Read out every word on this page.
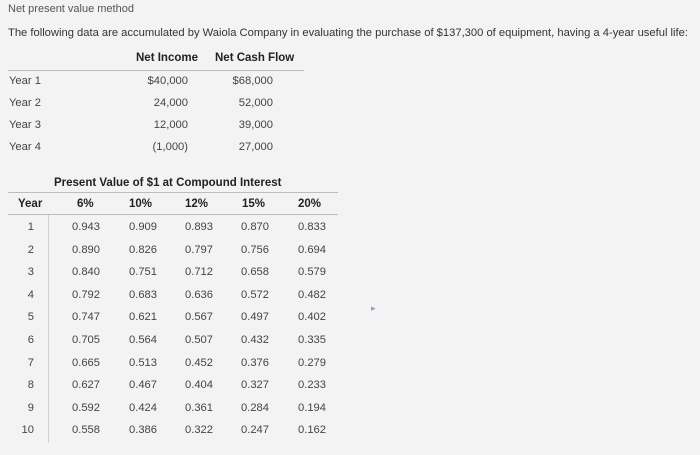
Net present value method
The following data are accumulated by Waiola Company in evaluating the purchase of $137,300 of equipment, having a 4-year useful life:
Net Income Net Cash Flow
Year 1	$40,000	$68,000
Year 2	24,000	52,000
Year 3	12,000	39,000
Year 4	(1,000)	27,000
Present Value of $1 at Compound Interest
Year	6%	10%	12%	15%	20%
1	0.943	0.909	0.893	0.870	0.833
2	0.890	0.826	0.797	0.756	0.694
3	0.840	0.751	0.712	0.658	0.579
4	0.792	0.683	0.636	0.572	0.482
5	0.747	0.621	0.567	0.497	0.402
6	0.705	0.564	0.507	0.432	0.335
7	0.665	0.513	0.452	0.376	0.279
8	0.627	0.467	0.404	0.327	0.233
9	0.592	0.424	0.361	0.284	0.194
10	0.558	0.386	0.322	0.247	0.162
▸
